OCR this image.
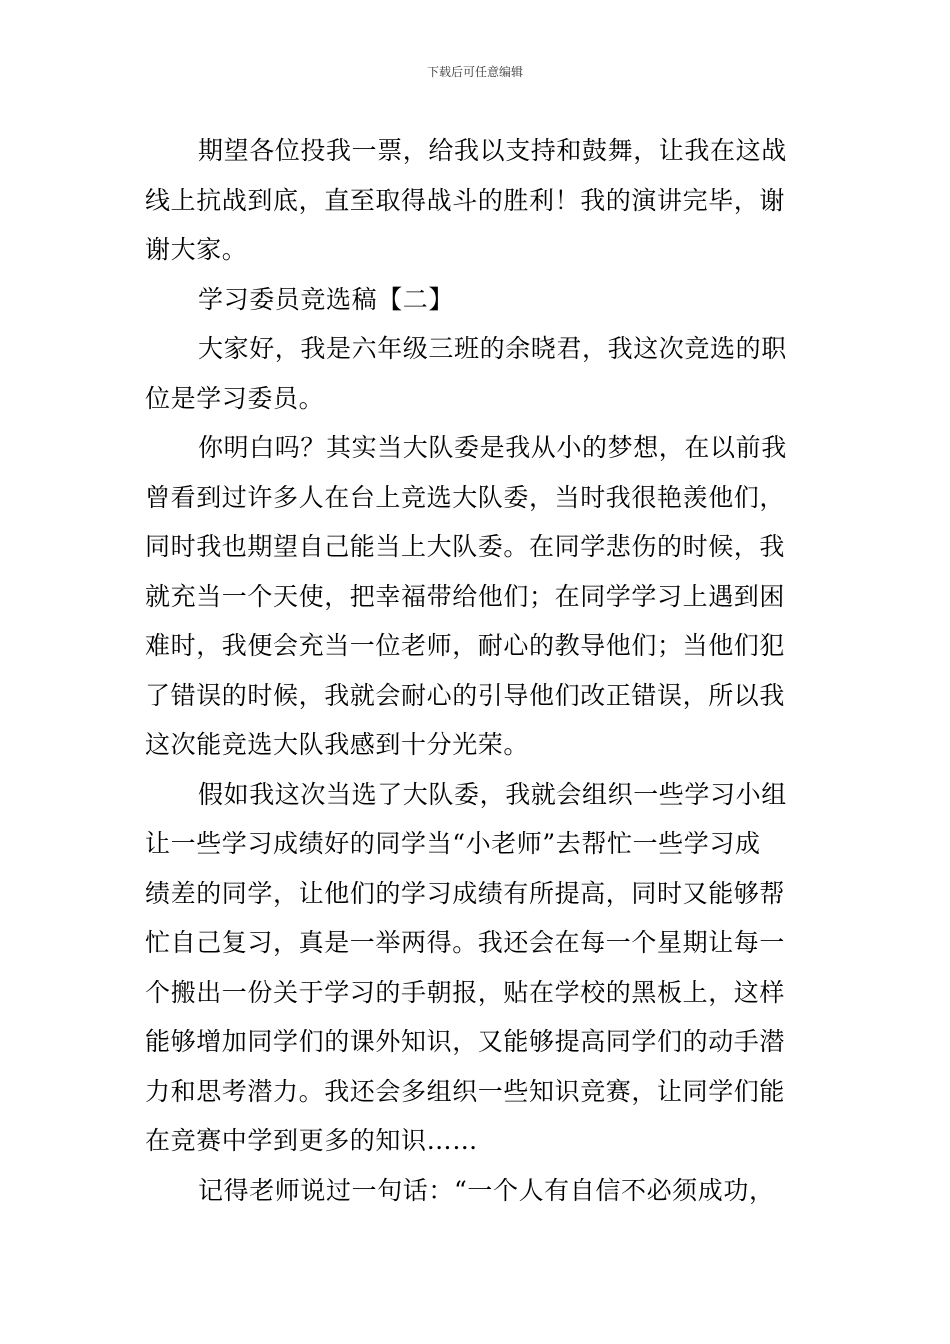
下载后可任意编辑
期望各位投我一票，给我以支持和鼓舞，让我在这战
线上抗战到底，直至取得战斗的胜利！我的演讲完毕，谢
谢大家。
学习委员竞选稿【二】
大家好，我是六年级三班的余晓君，我这次竞选的职
位是学习委员。
你明白吗？其实当大队委是我从小的梦想，在以前我
曾看到过许多人在台上竞选大队委，当时我很艳羡他们，
同时我也期望自己能当上大队委。在同学悲伤的时候，我
就充当一个天使，把幸福带给他们；在同学学习上遇到困
难时，我便会充当一位老师，耐心的教导他们；当他们犯
了错误的时候，我就会耐心的引导他们改正错误，所以我
这次能竞选大队我感到十分光荣。
假如我这次当选了大队委，我就会组织一些学习小组
让一些学习成绩好的同学当“小老师”去帮忙一些学习成
绩差的同学，让他们的学习成绩有所提高，同时又能够帮
忙自己复习，真是一举两得。我还会在每一个星期让每一
个搬出一份关于学习的手朝报，贴在学校的黑板上，这样
能够增加同学们的课外知识，又能够提高同学们的动手潜
力和思考潜力。我还会多组织一些知识竞赛，让同学们能
在竞赛中学到更多的知识……
记得老师说过一句话：“一个人有自信不必须成功，
